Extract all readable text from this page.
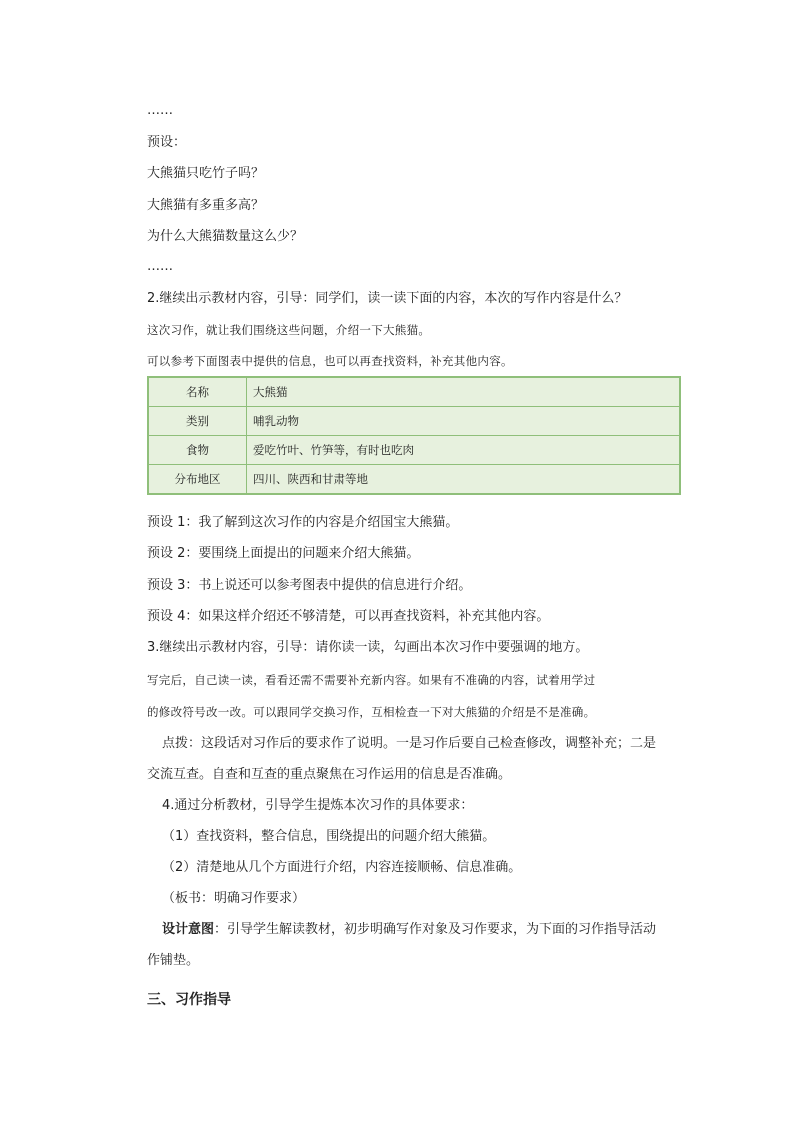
……
预设：
大熊猫只吃竹子吗？
大熊猫有多重多高？
为什么大熊猫数量这么少？
……
2.继续出示教材内容，引导：同学们，读一读下面的内容，本次的写作内容是什么？
这次习作，就让我们围绕这些问题，介绍一下大熊猫。
可以参考下面图表中提供的信息，也可以再查找资料，补充其他内容。
名称	大熊猫
类别	哺乳动物
食物	爱吃竹叶、竹笋等，有时也吃肉
分布地区	四川、陕西和甘肃等地
预设 1：我了解到这次习作的内容是介绍国宝大熊猫。
预设 2：要围绕上面提出的问题来介绍大熊猫。
预设 3：书上说还可以参考图表中提供的信息进行介绍。
预设 4：如果这样介绍还不够清楚，可以再查找资料，补充其他内容。
3.继续出示教材内容，引导：请你读一读，勾画出本次习作中要强调的地方。
写完后，自己读一读，看看还需不需要补充新内容。如果有不准确的内容，试着用学过
的修改符号改一改。可以跟同学交换习作，互相检查一下对大熊猫的介绍是不是准确。
点拨：这段话对习作后的要求作了说明。一是习作后要自己检查修改，调整补充；二是
交流互查。自查和互查的重点聚焦在习作运用的信息是否准确。
4.通过分析教材，引导学生提炼本次习作的具体要求：
（1）查找资料，整合信息，围绕提出的问题介绍大熊猫。
（2）清楚地从几个方面进行介绍，内容连接顺畅、信息准确。
（板书：明确习作要求）
设计意图：引导学生解读教材，初步明确写作对象及习作要求，为下面的习作指导活动
作铺垫。
三、习作指导
